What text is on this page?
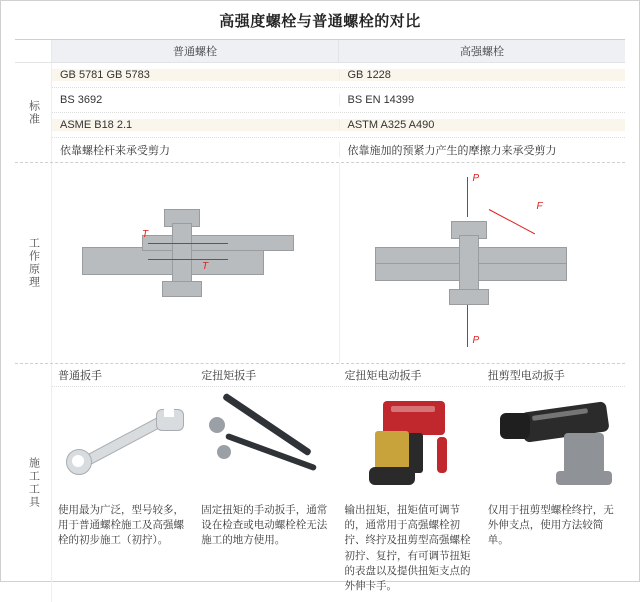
高强度螺栓与普通螺栓的对比
普通螺栓	高强螺栓
标准
GB 5781 GB 5783	GB 1228
BS 3692	BS EN 14399
ASME B18 2.1	ASTM A325 A490
依靠螺栓杆来承受剪力	依靠施加的预紧力产生的摩擦力来承受剪力
工作原理
T
T
P
P
F
施工工具
普通扳手	定扭矩扳手	定扭矩电动扳手	扭剪型电动扳手
使用最为广泛，型号较多，用于普通螺栓施工及高强螺栓的初步施工（初拧）。
固定扭矩的手动扳手，通常设在检查或电动螺栓栓无法施工的地方使用。
输出扭矩，扭矩值可调节的，通常用于高强螺栓初拧、终拧及扭剪型高强螺栓初拧、复拧，有可调节扭矩的表盘以及提供扭矩支点的外伸卡手。
仅用于扭剪型螺栓终拧，无外伸支点，使用方法较简单。
